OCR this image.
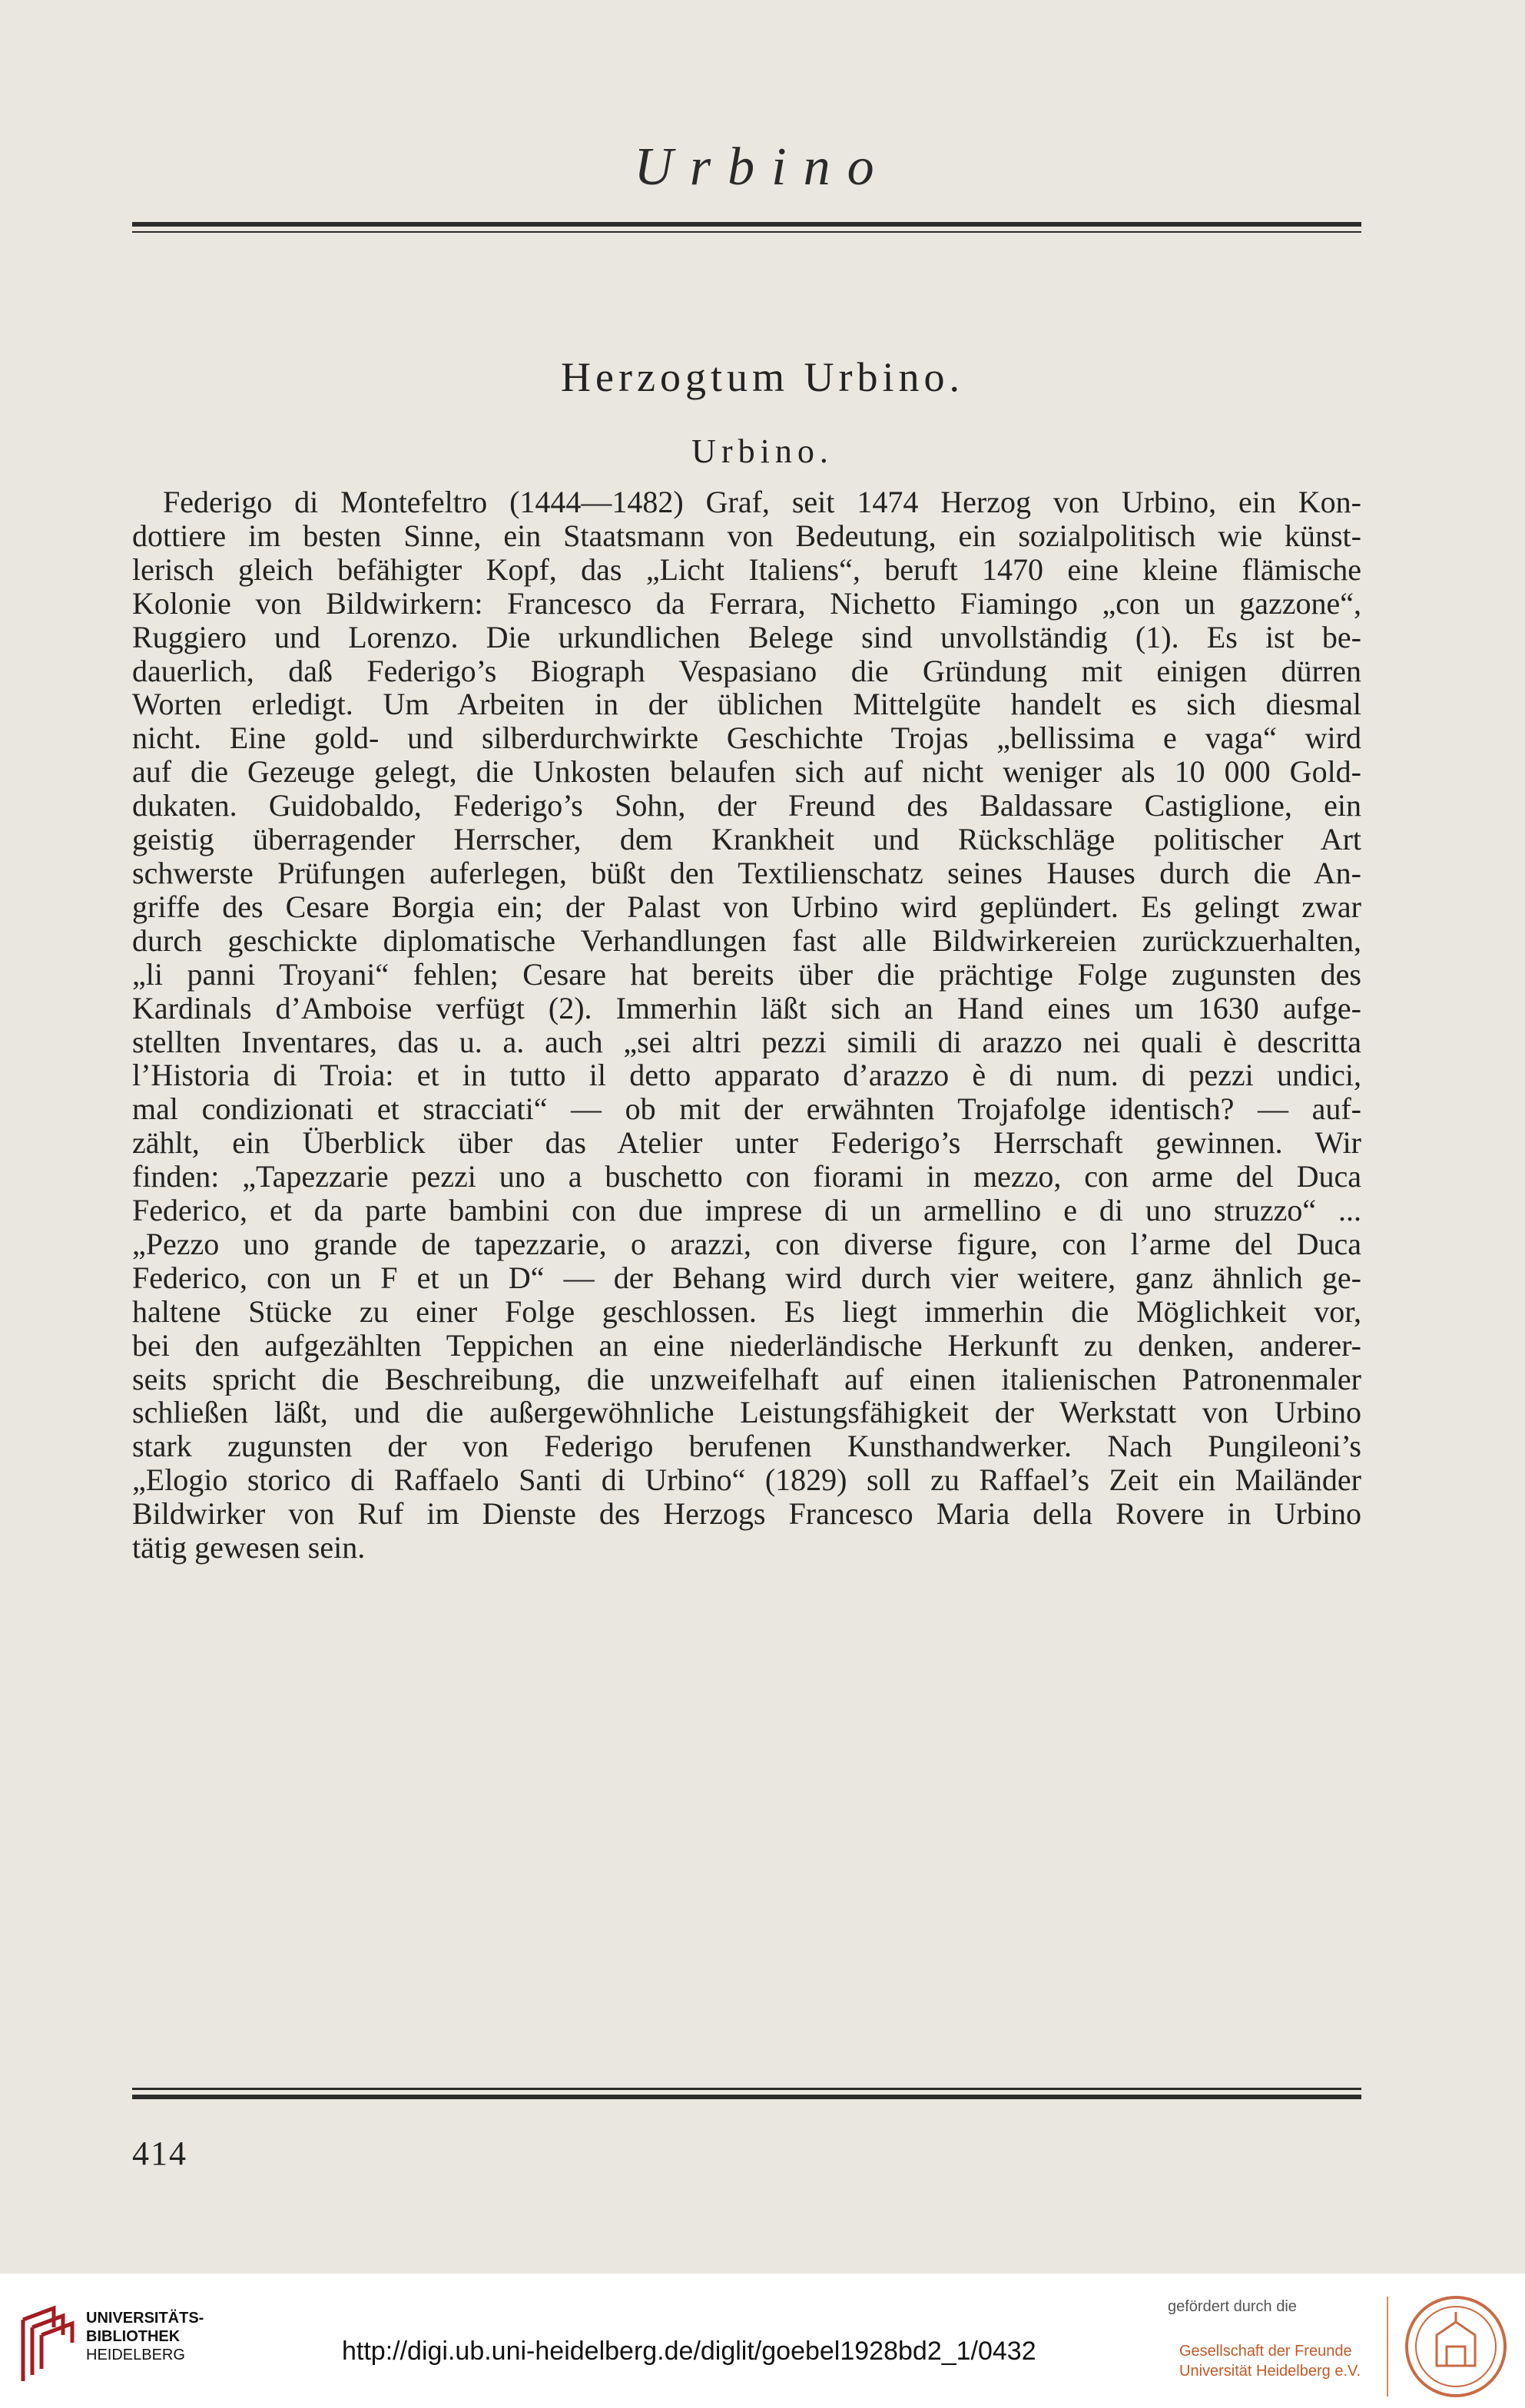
Urbino
Herzogtum Urbino.
Urbino.
Federigo di Montefeltro (1444—1482) Graf, seit 1474 Herzog von Urbino, ein Kon-
dottiere im besten Sinne, ein Staatsmann von Bedeutung, ein sozialpolitisch wie künst-
lerisch gleich befähigter Kopf, das „Licht Italiens“, beruft 1470 eine kleine flämische
Kolonie von Bildwirkern: Francesco da Ferrara, Nichetto Fiamingo „con un gazzone“,
Ruggiero und Lorenzo. Die urkundlichen Belege sind unvollständig (1). Es ist be-
dauerlich, daß Federigo’s Biograph Vespasiano die Gründung mit einigen dürren
Worten erledigt. Um Arbeiten in der üblichen Mittelgüte handelt es sich diesmal
nicht. Eine gold- und silberdurchwirkte Geschichte Trojas „bellissima e vaga“ wird
auf die Gezeuge gelegt, die Unkosten belaufen sich auf nicht weniger als 10 000 Gold-
dukaten. Guidobaldo, Federigo’s Sohn, der Freund des Baldassare Castiglione, ein
geistig überragender Herrscher, dem Krankheit und Rückschläge politischer Art
schwerste Prüfungen auferlegen, büßt den Textilienschatz seines Hauses durch die An-
griffe des Cesare Borgia ein; der Palast von Urbino wird geplündert. Es gelingt zwar
durch geschickte diplomatische Verhandlungen fast alle Bildwirkereien zurückzuerhalten,
„li panni Troyani“ fehlen; Cesare hat bereits über die prächtige Folge zugunsten des
Kardinals d’Amboise verfügt (2). Immerhin läßt sich an Hand eines um 1630 aufge-
stellten Inventares, das u. a. auch „sei altri pezzi simili di arazzo nei quali è descritta
l’Historia di Troia: et in tutto il detto apparato d’arazzo è di num. di pezzi undici,
mal condizionati et stracciati“ — ob mit der erwähnten Trojafolge identisch? — auf-
zählt, ein Überblick über das Atelier unter Federigo’s Herrschaft gewinnen. Wir
finden: „Tapezzarie pezzi uno a buschetto con fiorami in mezzo, con arme del Duca
Federico, et da parte bambini con due imprese di un armellino e di uno struzzo“ ...
„Pezzo uno grande de tapezzarie, o arazzi, con diverse figure, con l’arme del Duca
Federico, con un F et un D“ — der Behang wird durch vier weitere, ganz ähnlich ge-
haltene Stücke zu einer Folge geschlossen. Es liegt immerhin die Möglichkeit vor,
bei den aufgezählten Teppichen an eine niederländische Herkunft zu denken, anderer-
seits spricht die Beschreibung, die unzweifelhaft auf einen italienischen Patronenmaler
schließen läßt, und die außergewöhnliche Leistungsfähigkeit der Werkstatt von Urbino
stark zugunsten der von Federigo berufenen Kunsthandwerker. Nach Pungileoni’s
„Elogio storico di Raffaelo Santi di Urbino“ (1829) soll zu Raffael’s Zeit ein Mailänder
Bildwirker von Ruf im Dienste des Herzogs Francesco Maria della Rovere in Urbino
tätig gewesen sein.
414
UNIVERSITÄTS-
BIBLIOTHEK
HEIDELBERG	http://digi.ub.uni-heidelberg.de/diglit/goebel1928bd2_1/0432
gefördert durch die
Gesellschaft der Freunde
Universität Heidelberg e.V.
